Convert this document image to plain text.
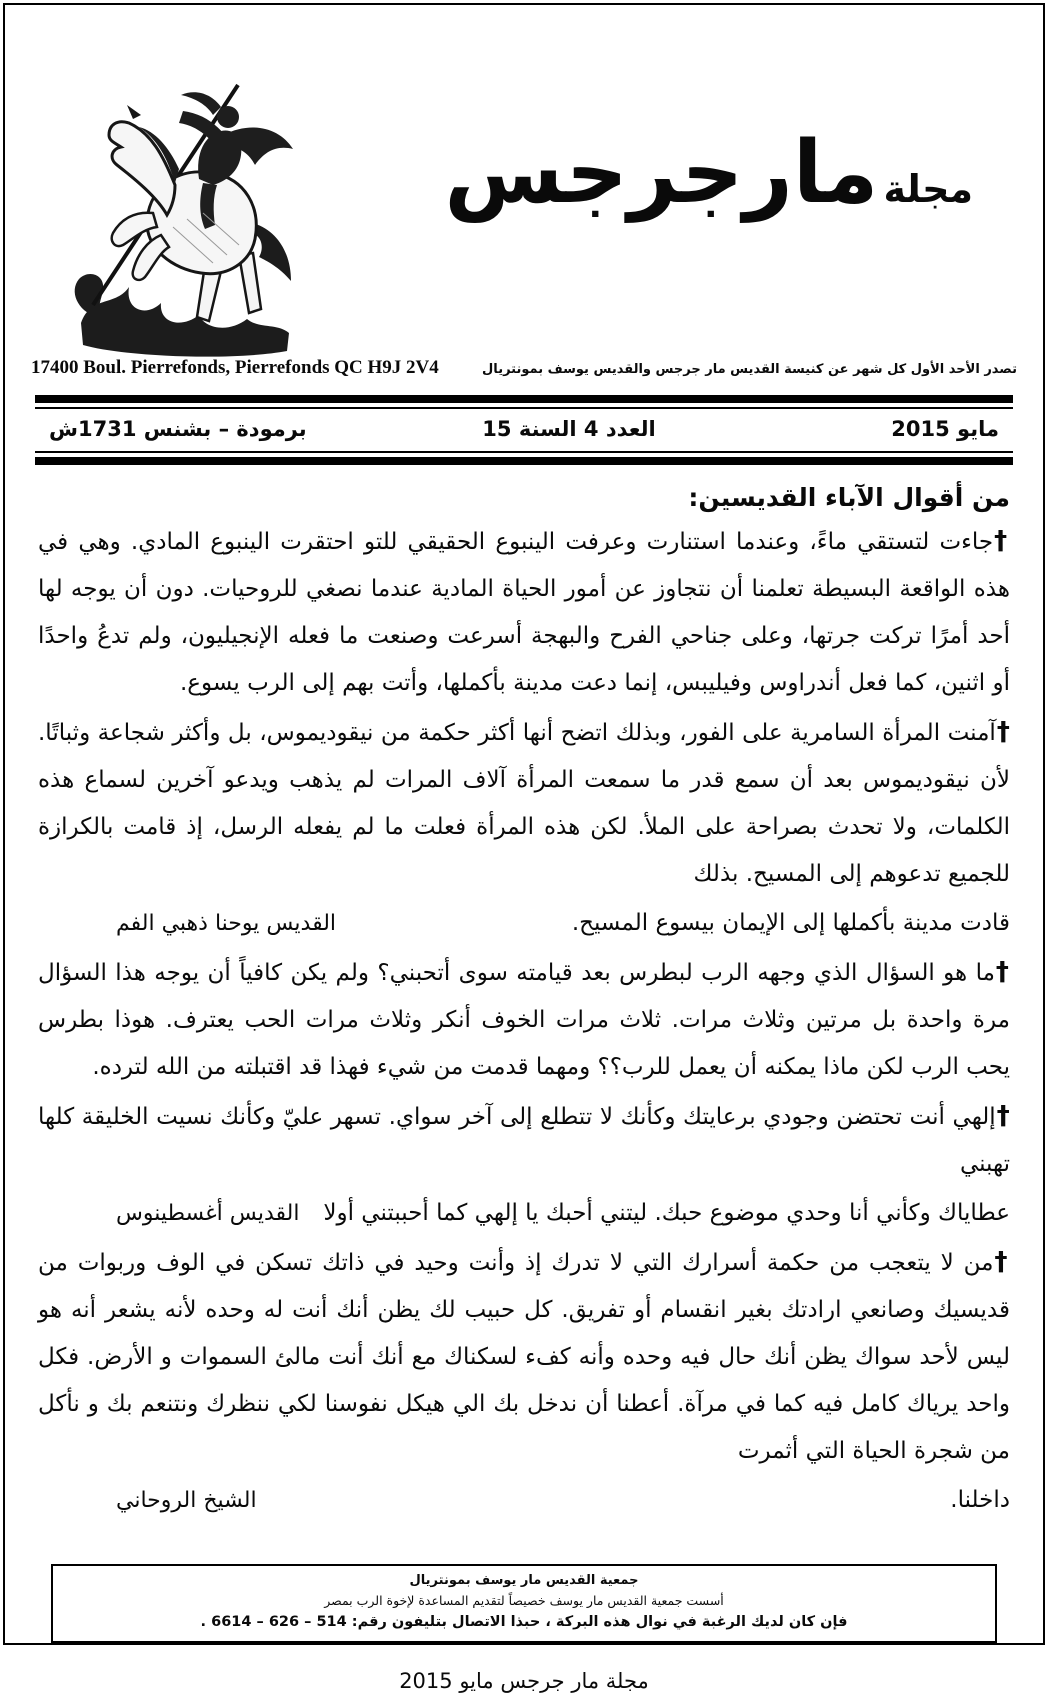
مجلة مارجرجس
17400 Boul. Pierrefonds, Pierrefonds QC H9J 2V4	تصدر الأحد الأول كل شهر عن كنيسة القديس مار جرجس والقديس يوسف بمونتريال
مايو 2015
العدد 4 السنة 15
برمودة – بشنس 1731ش
من أقوال الآباء القديسين:

†جاءت لتستقي ماءً، وعندما استنارت وعرفت الينبوع الحقيقي للتو احتقرت الينبوع المادي. وهي في هذه الواقعة البسيطة تعلمنا أن نتجاوز عن أمور الحياة المادية عندما نصغي للروحيات. دون أن يوجه لها أحد أمرًا تركت جرتها، وعلى جناحي الفرح والبهجة أسرعت وصنعت ما فعله الإنجيليون، ولم تدعُ واحدًا أو اثنين، كما فعل أندراوس وفيليبس، إنما دعت مدينة بأكملها، وأتت بهم إلى الرب يسوع.

†آمنت المرأة السامرية على الفور، وبذلك اتضح أنها أكثر حكمة من نيقوديموس، بل وأكثر شجاعة وثباتًا. لأن نيقوديموس بعد أن سمع قدر ما سمعت المرأة آلاف المرات لم يذهب ويدعو آخرين لسماع هذه الكلمات، ولا تحدث بصراحة على الملأ. لكن هذه المرأة فعلت ما لم يفعله الرسل، إذ قامت بالكرازة للجميع تدعوهم إلى المسيح. بذلك

قادت مدينة بأكملها إلى الإيمان بيسوع المسيح.
القديس يوحنا ذهبي الفم

†ما هو السؤال الذي وجهه الرب لبطرس بعد قيامته سوى أتحبني؟ ولم يكن كافياً أن يوجه هذا السؤال مرة واحدة بل مرتين وثلاث مرات. ثلاث مرات الخوف أنكر وثلاث مرات الحب يعترف. هوذا بطرس يحب الرب لكن ماذا يمكنه أن يعمل للرب؟؟ ومهما قدمت من شيء فهذا قد اقتبلته من الله لترده.

†إلهي أنت تحتضن وجودي برعايتك وكأنك لا تتطلع إلى آخر سواي. تسهر عليّ وكأنك نسيت الخليقة كلها تهبني

عطاياك وكأني أنا وحدي موضوع حبك. ليتني أحبك يا إلهي كما أحببتني أولا
القديس أغسطينوس

†من لا يتعجب من حكمة أسرارك التي لا تدرك إذ وأنت وحيد في ذاتك تسكن في الوف وربوات من قديسيك وصانعي ارادتك بغير انقسام أو تفريق. كل حبيب لك يظن أنك أنت له وحده لأنه يشعر أنه هو ليس لأحد سواك يظن أنك حال فيه وحده وأنه كفء لسكناك مع أنك أنت مالئ السموات و الأرض. فكل واحد يرياك كامل فيه كما في مرآة. أعطنا أن ندخل بك الي هيكل نفوسنا لكي ننظرك ونتنعم بك و نأكل من شجرة الحياة التي أثمرت

داخلنا.
الشيخ الروحاني
جمعية القديس مار يوسف بمونتريال
أسست جمعية القديس مار يوسف خصيصاً لتقديم المساعدة لإخوة الرب بمصر
فإن كان لديك الرغبة في نوال هذه البركة ، حبذا الاتصال بتليفون رقم: 514 – 626 – 6614 .
مجلة مار جرجس مايو 2015
